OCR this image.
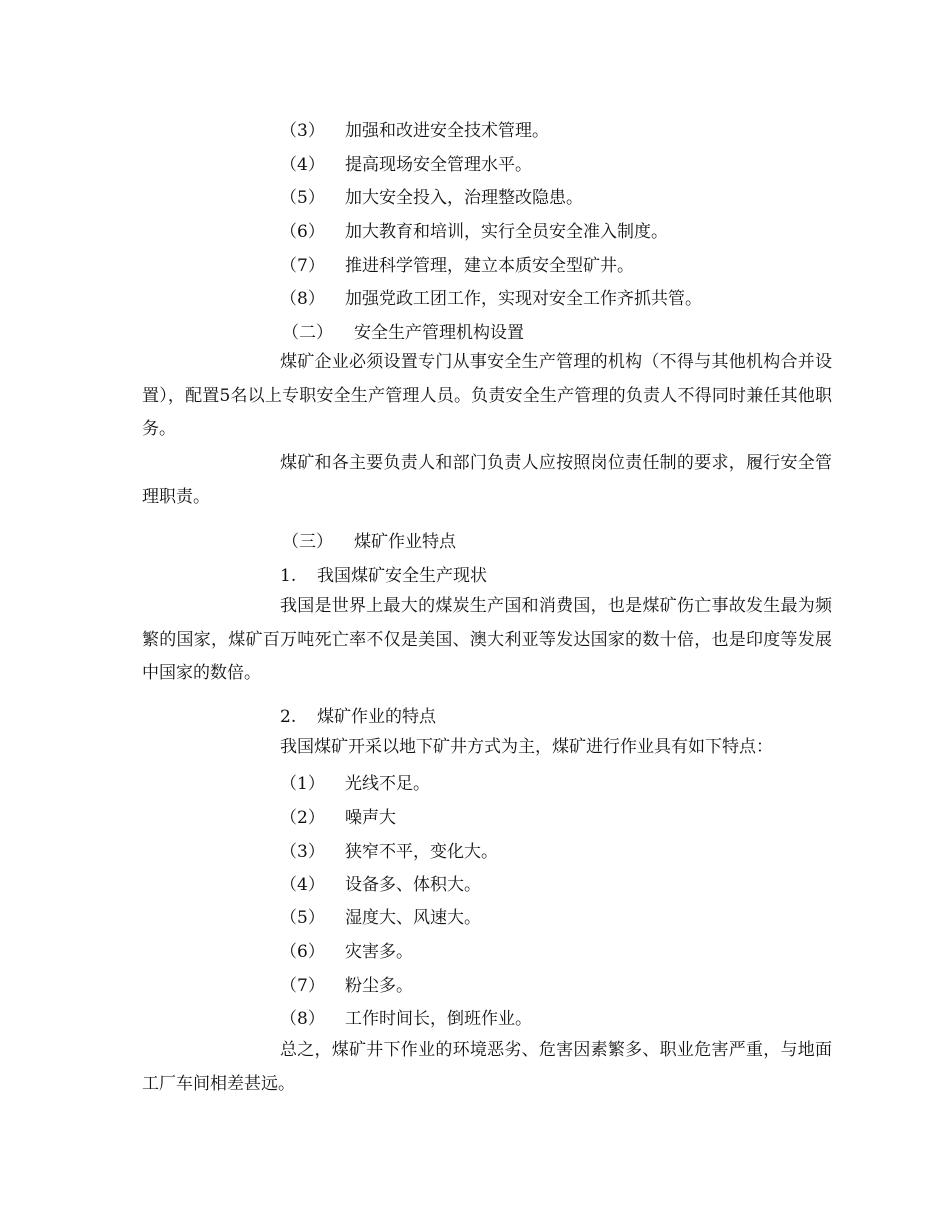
（3） 加强和改进安全技术管理。
（4） 提高现场安全管理水平。
（5） 加大安全投入，治理整改隐患。
（6） 加大教育和培训，实行全员安全准入制度。
（7） 推进科学管理，建立本质安全型矿井。
（8） 加强党政工团工作，实现对安全工作齐抓共管。
（二） 安全生产管理机构设置

煤矿企业必须设置专门从事安全生产管理的机构（不得与其他机构合并设置），配置5名以上专职安全生产管理人员。负责安全生产管理的负责人不得同时兼任其他职务。

煤矿和各主要负责人和部门负责人应按照岗位责任制的要求，履行安全管理职责。

（三） 煤矿作业特点
1. 我国煤矿安全生产现状

我国是世界上最大的煤炭生产国和消费国，也是煤矿伤亡事故发生最为频繁的国家，煤矿百万吨死亡率不仅是美国、澳大利亚等发达国家的数十倍，也是印度等发展中国家的数倍。

2. 煤矿作业的特点

我国煤矿开采以地下矿井方式为主，煤矿进行作业具有如下特点：

（1） 光线不足。
（2） 噪声大
（3） 狭窄不平，变化大。
（4） 设备多、体积大。
（5） 湿度大、风速大。
（6） 灾害多。
（7） 粉尘多。
（8） 工作时间长，倒班作业。

总之，煤矿井下作业的环境恶劣、危害因素繁多、职业危害严重，与地面工厂车间相差甚远。
